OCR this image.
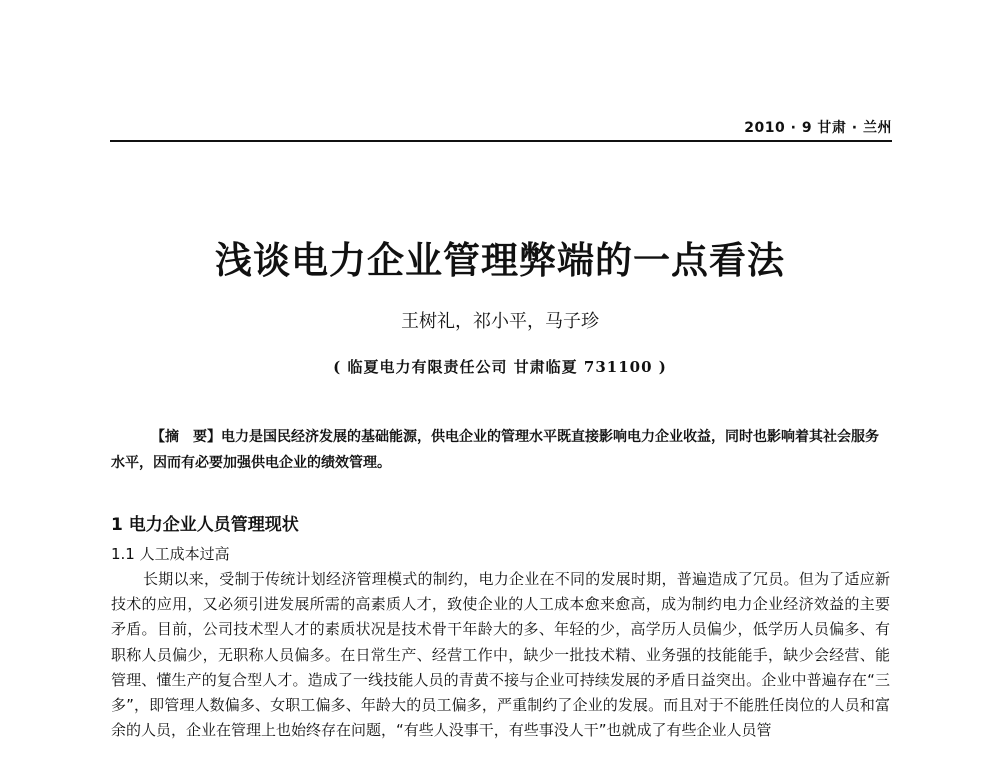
2010 · 9 甘肃 · 兰州
浅谈电力企业管理弊端的一点看法
王树礼，祁小平，马子珍
( 临夏电力有限责任公司 甘肃临夏 731100 )
【摘　要】电力是国民经济发展的基础能源，供电企业的管理水平既直接影响电力企业收益，同时也影响着其社会服务水平，因而有必要加强供电企业的绩效管理。
1 电力企业人员管理现状
1.1 人工成本过高
长期以来，受制于传统计划经济管理模式的制约，电力企业在不同的发展时期，普遍造成了冗员。但为了适应新技术的应用，又必须引进发展所需的高素质人才，致使企业的人工成本愈来愈高，成为制约电力企业经济效益的主要矛盾。目前，公司技术型人才的素质状况是技术骨干年龄大的多、年轻的少，高学历人员偏少，低学历人员偏多、有职称人员偏少，无职称人员偏多。在日常生产、经营工作中，缺少一批技术精、业务强的技能能手，缺少会经营、能管理、懂生产的复合型人才。造成了一线技能人员的青黄不接与企业可持续发展的矛盾日益突出。企业中普遍存在“三多”，即管理人数偏多、女职工偏多、年龄大的员工偏多，严重制约了企业的发展。而且对于不能胜任岗位的人员和富余的人员，企业在管理上也始终存在问题，“有些人没事干，有些事没人干”也就成了有些企业人员管
